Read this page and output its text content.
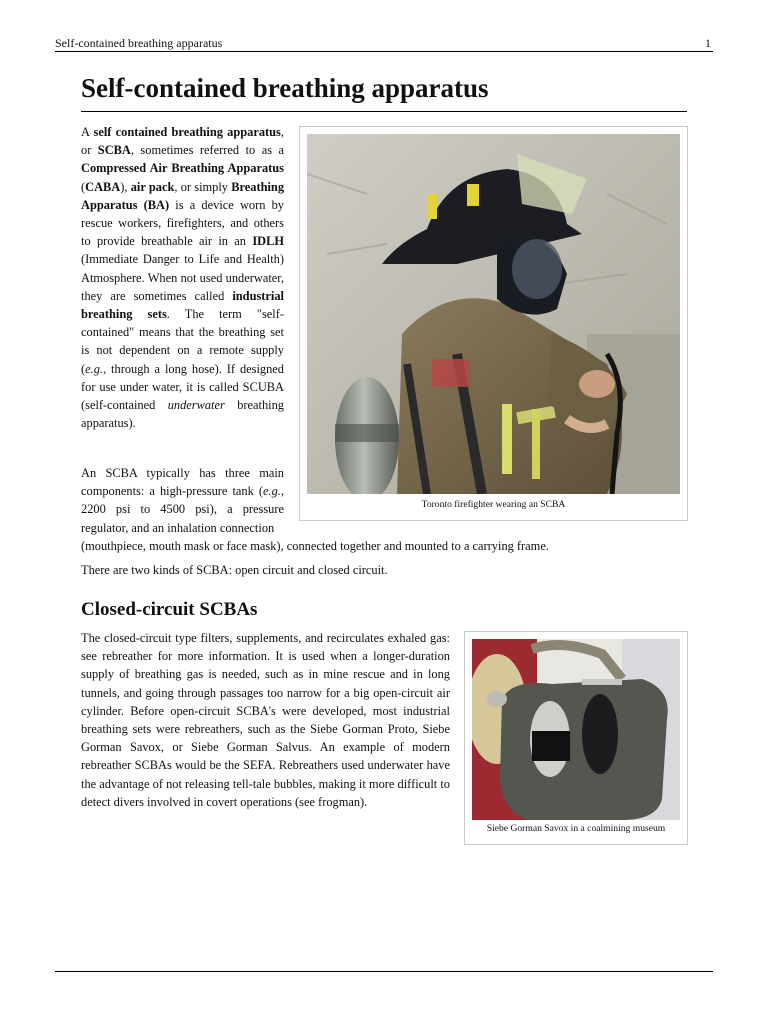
Self-contained breathing apparatus	1
Self-contained breathing apparatus

A self contained breathing apparatus, or SCBA, sometimes referred to as a Compressed Air Breathing Apparatus (CABA), air pack, or simply Breathing Apparatus (BA) is a device worn by rescue workers, firefighters, and others to provide breathable air in an IDLH (Immediate Danger to Life and Health) Atmosphere. When not used underwater, they are sometimes called industrial breathing sets. The term "self-contained" means that the breathing set is not dependent on a remote supply (e.g., through a long hose). If designed for use under water, it is called SCUBA (self-contained underwater breathing apparatus).

An SCBA typically has three main components: a high-pressure tank (e.g., 2200 psi to 4500 psi), a pressure regulator, and an inhalation connection

(mouthpiece, mouth mask or face mask), connected together and mounted to a carrying frame.

There are two kinds of SCBA: open circuit and closed circuit.

Closed-circuit SCBAs

The closed-circuit type filters, supplements, and recirculates exhaled gas: see rebreather for more information. It is used when a longer-duration supply of breathing gas is needed, such as in mine rescue and in long tunnels, and going through passages too narrow for a big open-circuit air cylinder. Before open-circuit SCBA's were developed, most industrial breathing sets were rebreathers, such as the Siebe Gorman Proto, Siebe Gorman Savox, or Siebe Gorman Salvus. An example of modern rebreather SCBAs would be the SEFA. Rebreathers used underwater have the advantage of not releasing tell-tale bubbles, making it more difficult to detect divers involved in covert operations (see frogman).

Toronto firefighter wearing an SCBA
Siebe Gorman Savox in a coalmining museum
